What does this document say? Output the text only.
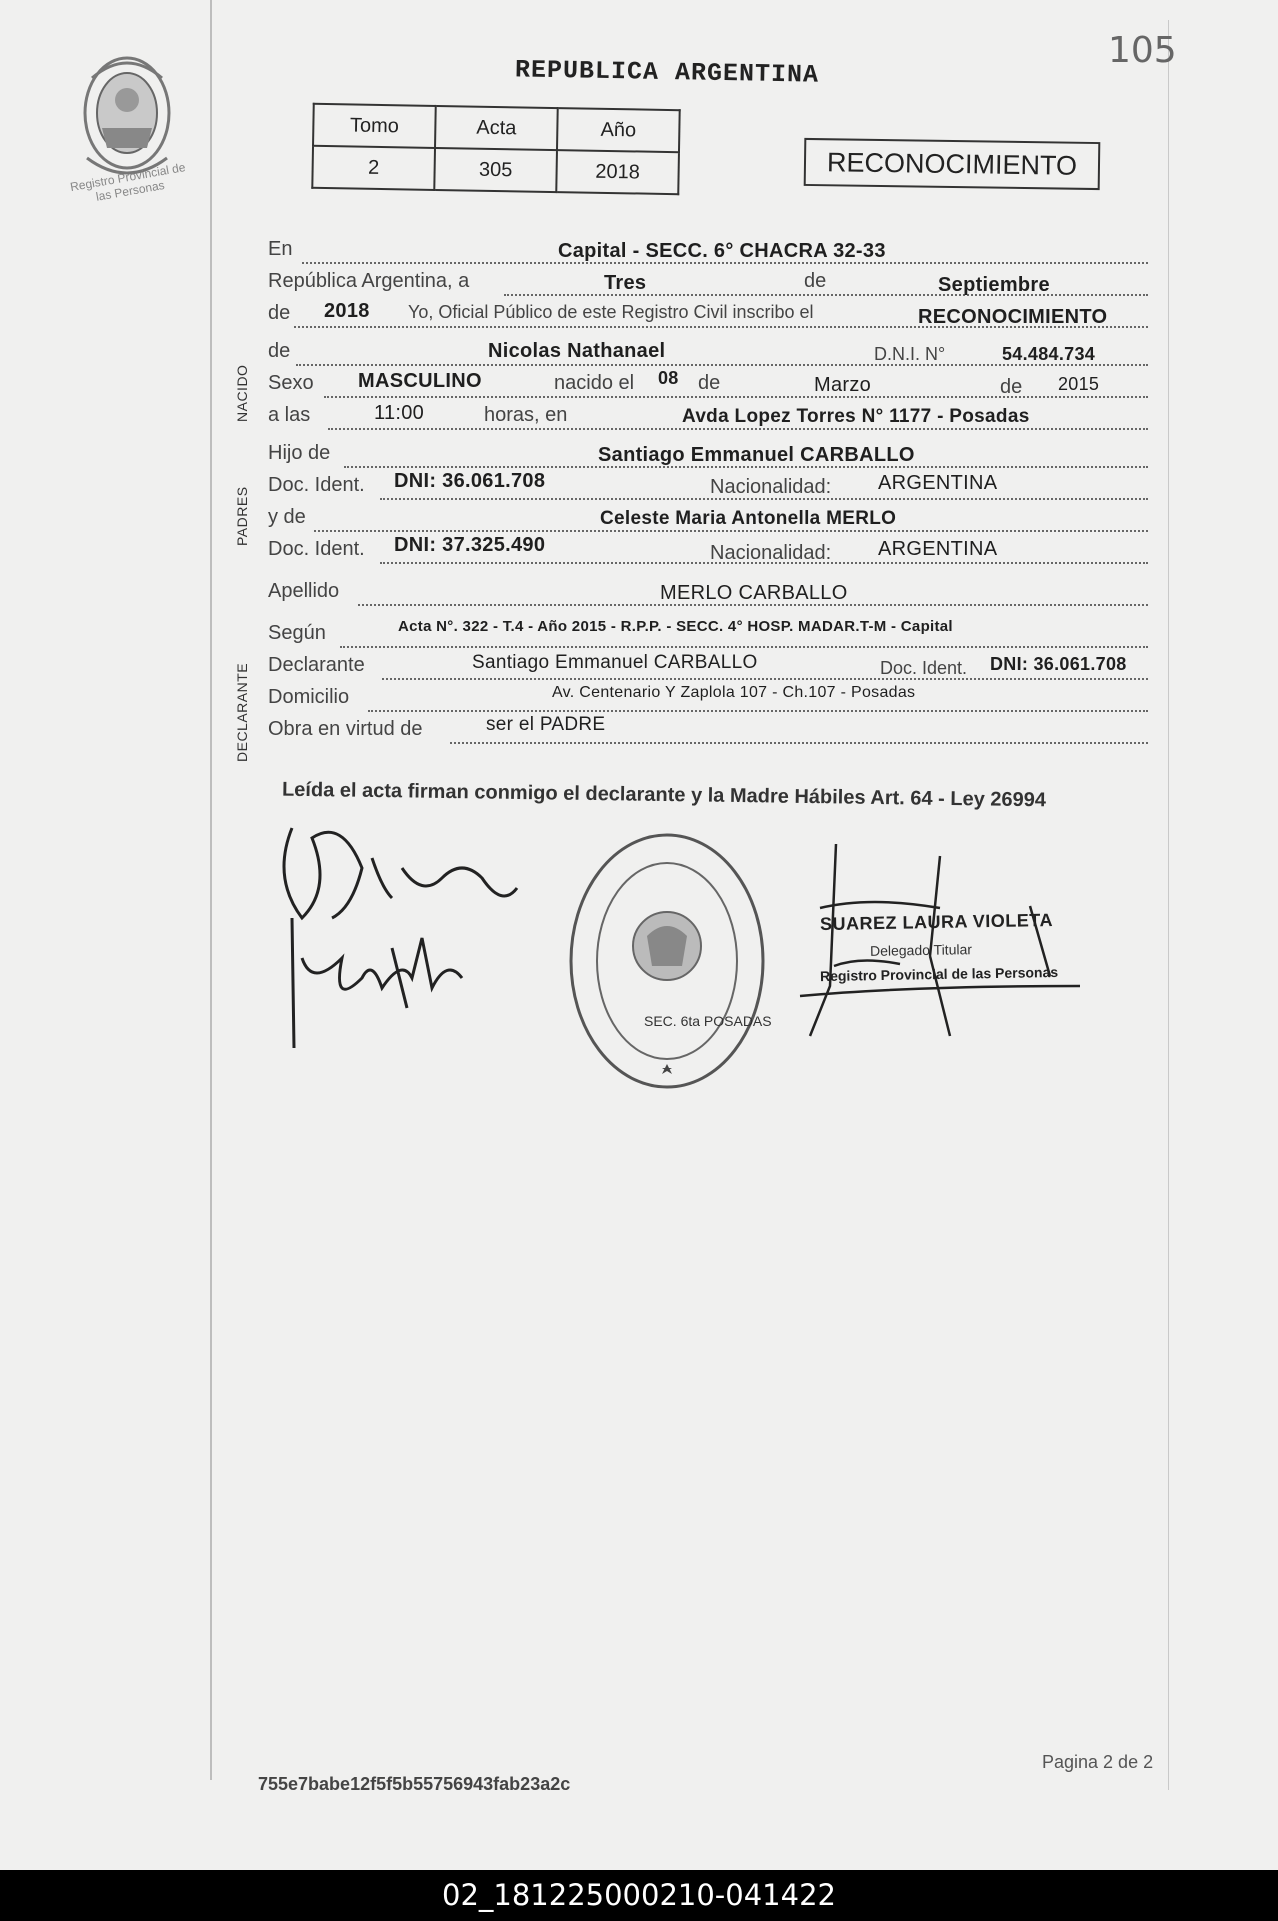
Registro Provincial de las Personas
105
REPUBLICA ARGENTINA
Tomo	Acta	Año
2	305	2018	RECONOCIMIENTO
NACIDO
PADRES
DECLARANTE
En	Capital - SECC. 6° CHACRA 32-33
República Argentina, a	Tres	de	Septiembre
de 2018 Yo, Oficial Público de este Registro Civil inscribo el	RECONOCIMIENTO
de	Nicolas Nathanael	D.N.I. N°	54.484.734
Sexo MASCULINO	nacido el 08 de	Marzo	de 2015
a las	11:00	horas, en	Avda Lopez Torres N° 1177 - Posadas
Hijo de	Santiago Emmanuel CARBALLO
Doc. Ident. DNI: 36.061.708	Nacionalidad: ARGENTINA
y de	Celeste Maria Antonella MERLO
Doc. Ident. DNI: 37.325.490	Nacionalidad: ARGENTINA
Apellido	MERLO CARBALLO
Según	Acta N°. 322 - T.4 - Año 2015 - R.P.P. - SECC. 4° HOSP. MADAR.T-M - Capital
Declarante	Santiago Emmanuel CARBALLO	Doc. Ident. DNI: 36.061.708
Domicilio	Av. Centenario Y Zaplola 107 - Ch.107 - Posadas
Obra en virtud de	ser el PADRE
Leída el acta firman conmigo el declarante y la Madre Hábiles Art. 64 - Ley 26994
SEC. 6ta POSADAS
SUAREZ LAURA VIOLETA
Delegado Titular
Registro Provincial de las Personas
Pagina 2 de 2
755e7babe12f5f5b55756943fab23a2c
02_181225000210-041422
